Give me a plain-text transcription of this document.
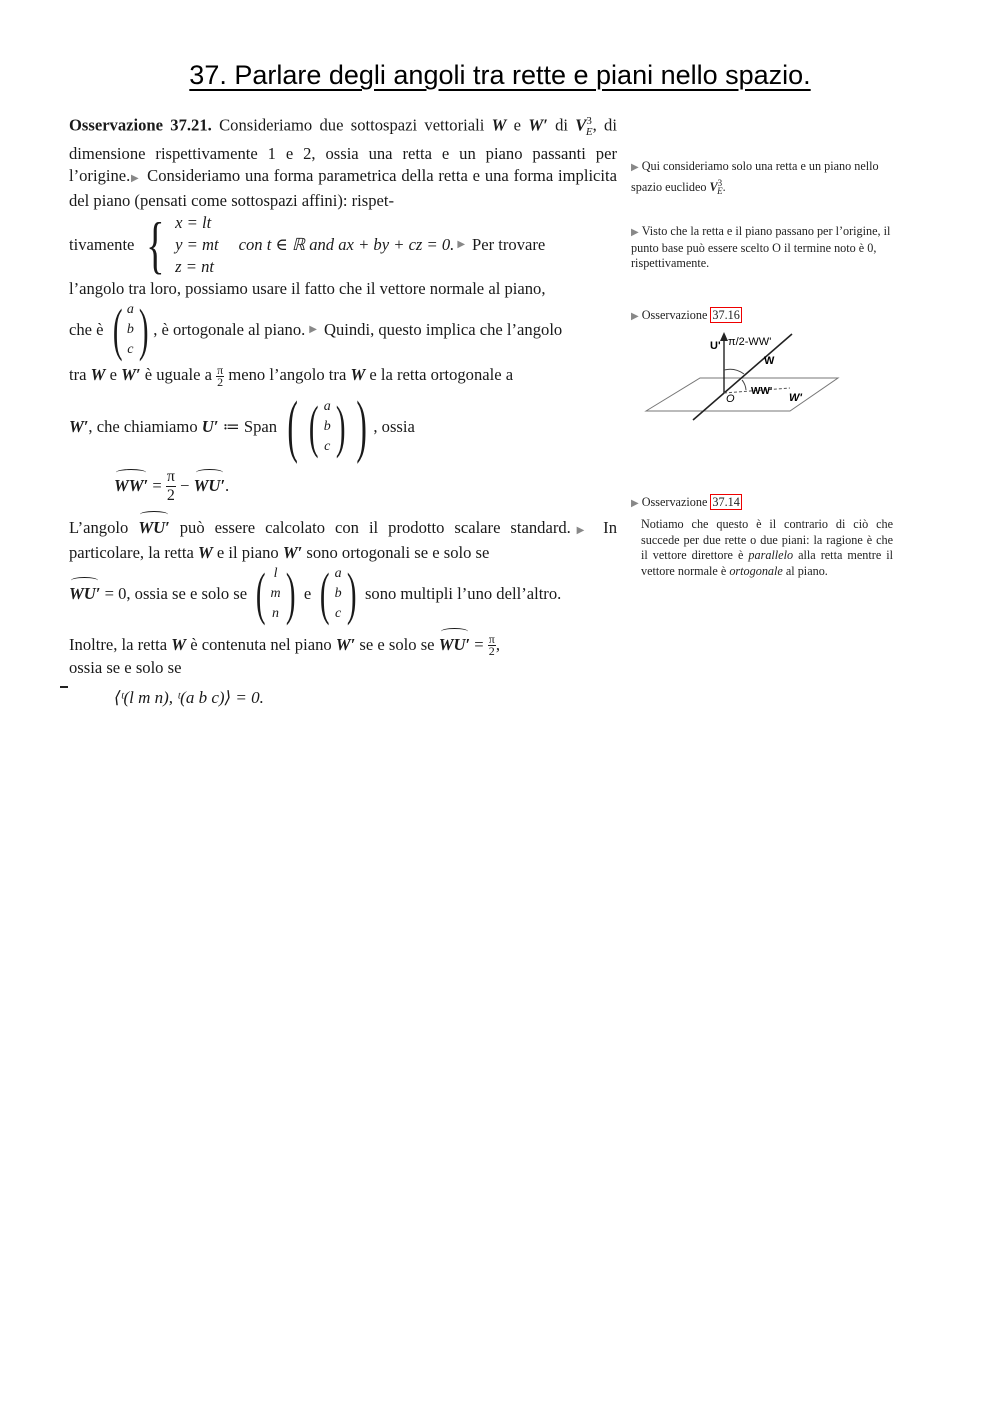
37. Parlare degli angoli tra rette e piani nello spazio.

Osservazione 37.21. Consideriamo due sottospazi vettoriali W e W′ di $V^3_E$, di dimensione rispettivamente 1 e 2, ossia una retta e un piano passanti per l’origine.▶ Consideriamo una forma parametrica della retta e una forma implicita del piano (pensati come sottospazi affini): rispet-

tivamente { x = lt
y = mt
z = nt
con t ∈ ℝ and ax + by + cz = 0. ▶ Per trovare

l’angolo tra loro, possiamo usare il fatto che il vettore normale al piano,

che è ( a
b
c ) , è ortogonale al piano. ▶ Quindi, questo implica che l’angolo

tra W e W′ è uguale a $\frac{\pi}{2}$ meno l’angolo tra W e la retta ortogonale a

W′ , che chiamiamo
U′
≔ Span ( ( a
b
c ) ) , ossia
WW′
=
$\frac{\pi}{2}$
−
WU′ .

L’angolo WU′ può essere calcolato con il prodotto scalare standard.▶ In particolare, la retta W e il piano W′ sono ortogonali se e solo se

WU′
= 0, ossia se e solo se ( l
m
n ) e ( a
b
c ) sono multipli l’uno dell’altro.

Inoltre, la retta W è contenuta nel piano W′ se e solo se $WU' = \frac{\pi}{2}$ ,

ossia se e solo se

⟨ᵗ(l m n), ᵗ(a b c)⟩ = 0.

▶ Qui consideriamo solo una retta e un piano nello spazio euclideo $V^3_E$.

▶ Visto che la retta e il piano passano per l’origine, il punto base può essere scelto O il termine noto è 0, rispettivamente.

▶ Osservazione 37.16

U' π/2-WW'
W
WW'
W'
O

▶ Osservazione 37.14

Notiamo che questo è il contrario di ciò che succede per due rette o due piani: la ragione è che il vettore direttore è parallelo alla retta mentre il vettore normale è ortogonale al piano.
